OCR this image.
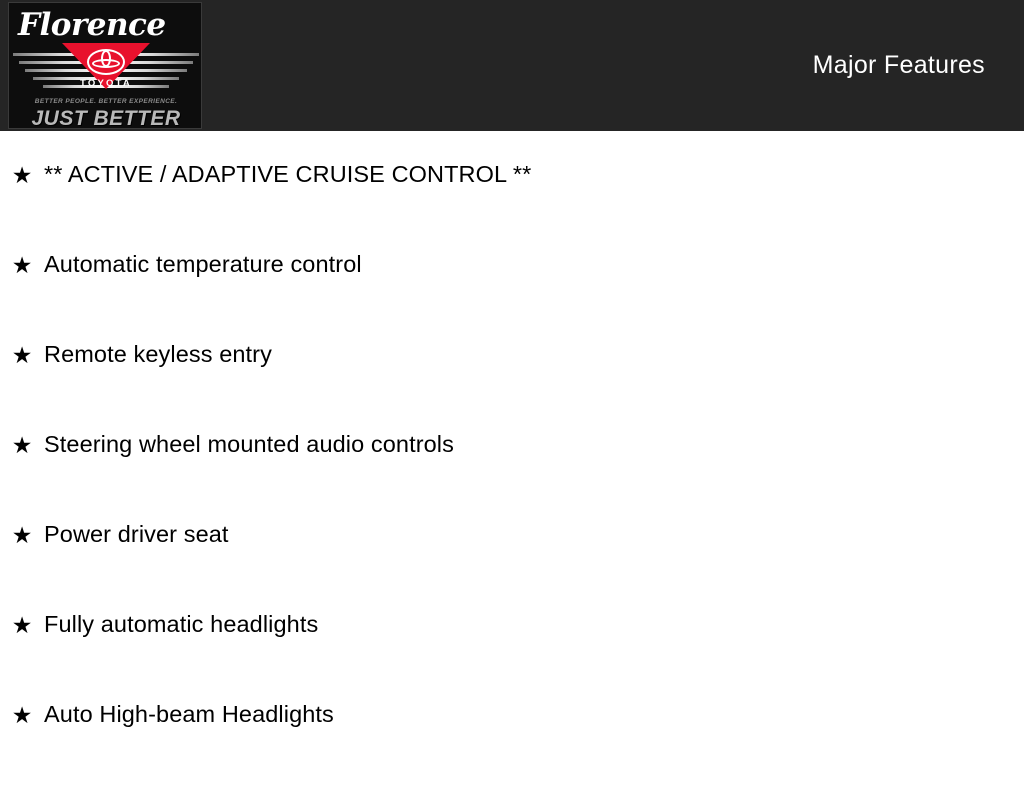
Florence
TOYOTA
BETTER PEOPLE. BETTER EXPERIENCE.
JUST BETTER
Major Features
★ ** ACTIVE / ADAPTIVE CRUISE CONTROL **
★ Automatic temperature control
★ Remote keyless entry
★ Steering wheel mounted audio controls
★ Power driver seat
★ Fully automatic headlights
★ Auto High-beam Headlights
